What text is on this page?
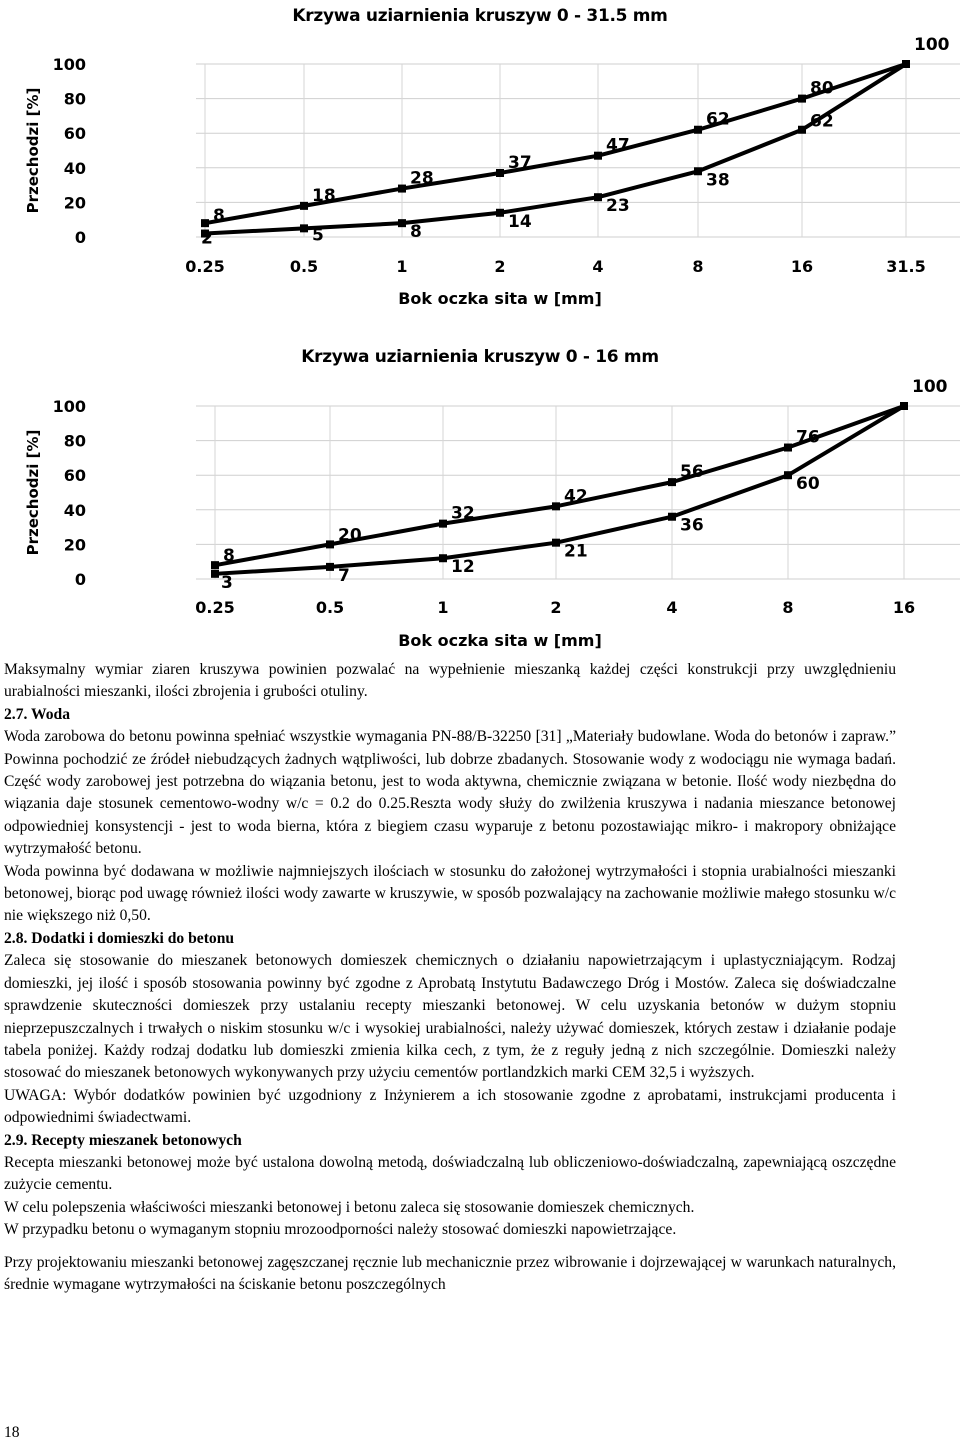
Krzywa uziarnienia kruszyw 0 - 31.5 mm
100
80
60
40
20
0
0.25	0.5	1	2	4	8	16	31.5
Przechodzi [%]
Bok oczka sita w [mm]
8
18
28
37
47
62
80
100
2	5	8
14
23
38
62
Krzywa uziarnienia kruszyw 0 - 16 mm
100
80
60
40
20
0
0.25	0.5	1	2	4	8	16
Przechodzi [%]
Bok oczka sita w [mm]
8
20
32
42
56
76
100
3	7	12
21
36
60

Maksymalny wymiar ziaren kruszywa powinien pozwalać na wypełnienie mieszanką każdej części konstrukcji przy uwzględnieniu urabialności mieszanki, ilości zbrojenia i grubości otuliny.

2.7. Woda

Woda zarobowa do betonu powinna spełniać wszystkie wymagania PN-88/B-32250 [31] „Materiały budowlane. Woda do betonów i zapraw.” Powinna pochodzić ze źródeł niebudzących żadnych wątpliwości, lub dobrze zbadanych. Stosowanie wody z wodociągu nie wymaga badań. Część wody zarobowej jest potrzebna do wiązania betonu, jest to woda aktywna, chemicznie związana w betonie. Ilość wody niezbędna do wiązania daje stosunek cementowo-wodny w/c = 0.2 do 0.25.Reszta wody służy do zwilżenia kruszywa i nadania mieszance betonowej odpowiedniej konsystencji - jest to woda bierna, która z biegiem czasu wyparuje z betonu pozostawiając mikro- i makropory obniżające wytrzymałość betonu.

Woda powinna być dodawana w możliwie najmniejszych ilościach w stosunku do założonej wytrzymałości i stopnia urabialności mieszanki betonowej, biorąc pod uwagę również ilości wody zawarte w kruszywie, w sposób pozwalający na zachowanie możliwie małego stosunku w/c nie większego niż 0,50.

2.8. Dodatki i domieszki do betonu

Zaleca się stosowanie do mieszanek betonowych domieszek chemicznych o działaniu napowietrzającym i uplastyczniającym. Rodzaj domieszki, jej ilość i sposób stosowania powinny być zgodne z Aprobatą Instytutu Badawczego Dróg i Mostów. Zaleca się doświadczalne sprawdzenie skuteczności domieszek przy ustalaniu recepty mieszanki betonowej. W celu uzyskania betonów w dużym stopniu nieprzepuszczalnych i trwałych o niskim stosunku w/c i wysokiej urabialności, należy używać domieszek, których zestaw i działanie podaje tabela poniżej. Każdy rodzaj dodatku lub domieszki zmienia kilka cech, z tym, że z reguły jedną z nich szczególnie. Domieszki należy stosować do mieszanek betonowych wykonywanych przy użyciu cementów portlandzkich marki CEM 32,5 i wyższych.

UWAGA: Wybór dodatków powinien być uzgodniony z Inżynierem a ich stosowanie zgodne z aprobatami, instrukcjami producenta i odpowiednimi świadectwami.

2.9. Recepty mieszanek betonowych

Recepta mieszanki betonowej może być ustalona dowolną metodą, doświadczalną lub obliczeniowo-doświadczalną, zapewniającą oszczędne zużycie cementu.

W celu polepszenia właściwości mieszanki betonowej i betonu zaleca się stosowanie domieszek chemicznych.

W przypadku betonu o wymaganym stopniu mrozoodporności należy stosować domieszki napowietrzające.

Przy projektowaniu mieszanki betonowej zagęszczanej ręcznie lub mechanicznie przez wibrowanie i dojrzewającej w warunkach naturalnych, średnie wymagane wytrzymałości na ściskanie betonu poszczególnych

18
